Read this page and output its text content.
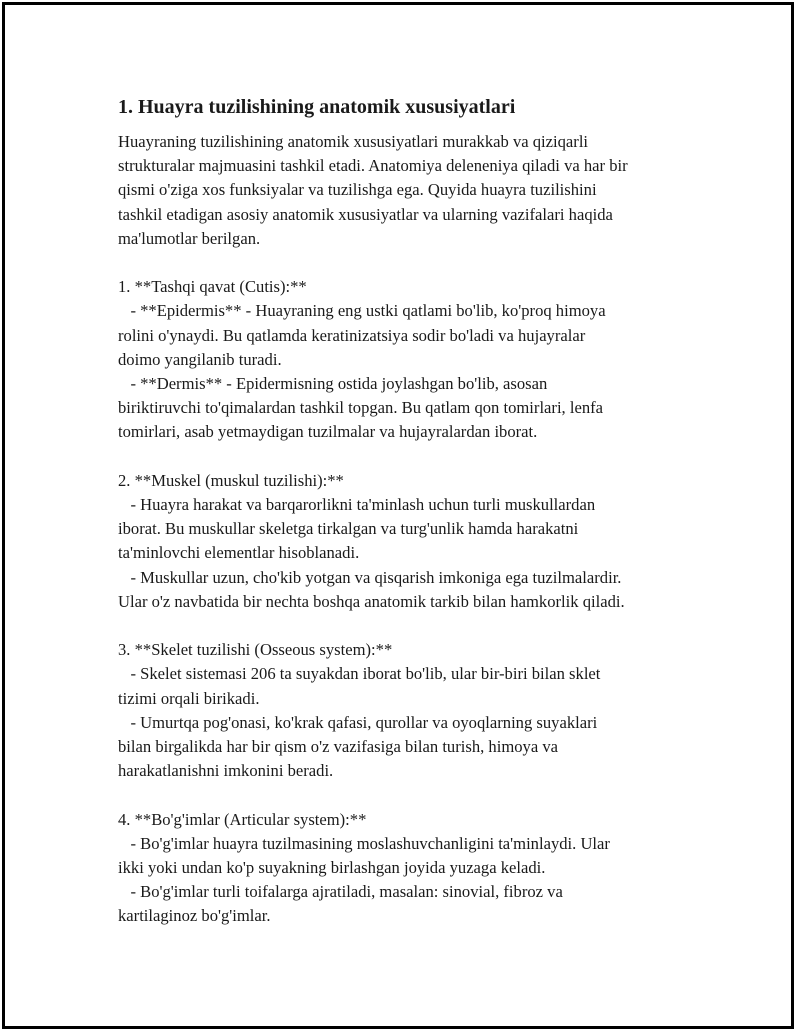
1. Huayra tuzilishining anatomik xususiyatlari

Huayraning tuzilishining anatomik xususiyatlari murakkab va qiziqarli
strukturalar majmuasini tashkil etadi. Anatomiya deleneniya qiladi va har bir
qismi o'ziga xos funksiyalar va tuzilishga ega. Quyida huayra tuzilishini
tashkil etadigan asosiy anatomik xususiyatlar va ularning vazifalari haqida
ma'lumotlar berilgan.

1. **Tashqi qavat (Cutis):**
- **Epidermis** - Huayraning eng ustki qatlami bo'lib, ko'proq himoya
rolini o'ynaydi. Bu qatlamda keratinizatsiya sodir bo'ladi va hujayralar
doimo yangilanib turadi.
- **Dermis** - Epidermisning ostida joylashgan bo'lib, asosan
biriktiruvchi to'qimalardan tashkil topgan. Bu qatlam qon tomirlari, lenfa
tomirlari, asab yetmaydigan tuzilmalar va hujayralardan iborat.

2. **Muskel (muskul tuzilishi):**
- Huayra harakat va barqarorlikni ta'minlash uchun turli muskullardan
iborat. Bu muskullar skeletga tirkalgan va turg'unlik hamda harakatni
ta'minlovchi elementlar hisoblanadi.
- Muskullar uzun, cho'kib yotgan va qisqarish imkoniga ega tuzilmalardir.
Ular o'z navbatida bir nechta boshqa anatomik tarkib bilan hamkorlik qiladi.

3. **Skelet tuzilishi (Osseous system):**
- Skelet sistemasi 206 ta suyakdan iborat bo'lib, ular bir-biri bilan sklet
tizimi orqali birikadi.
- Umurtqa pog'onasi, ko'krak qafasi, qurollar va oyoqlarning suyaklari
bilan birgalikda har bir qism o'z vazifasiga bilan turish, himoya va
harakatlanishni imkonini beradi.

4. **Bo'g'imlar (Articular system):**
- Bo'g'imlar huayra tuzilmasining moslashuvchanligini ta'minlaydi. Ular
ikki yoki undan ko'p suyakning birlashgan joyida yuzaga keladi.
- Bo'g'imlar turli toifalarga ajratiladi, masalan: sinovial, fibroz va
kartilaginoz bo'g'imlar.
